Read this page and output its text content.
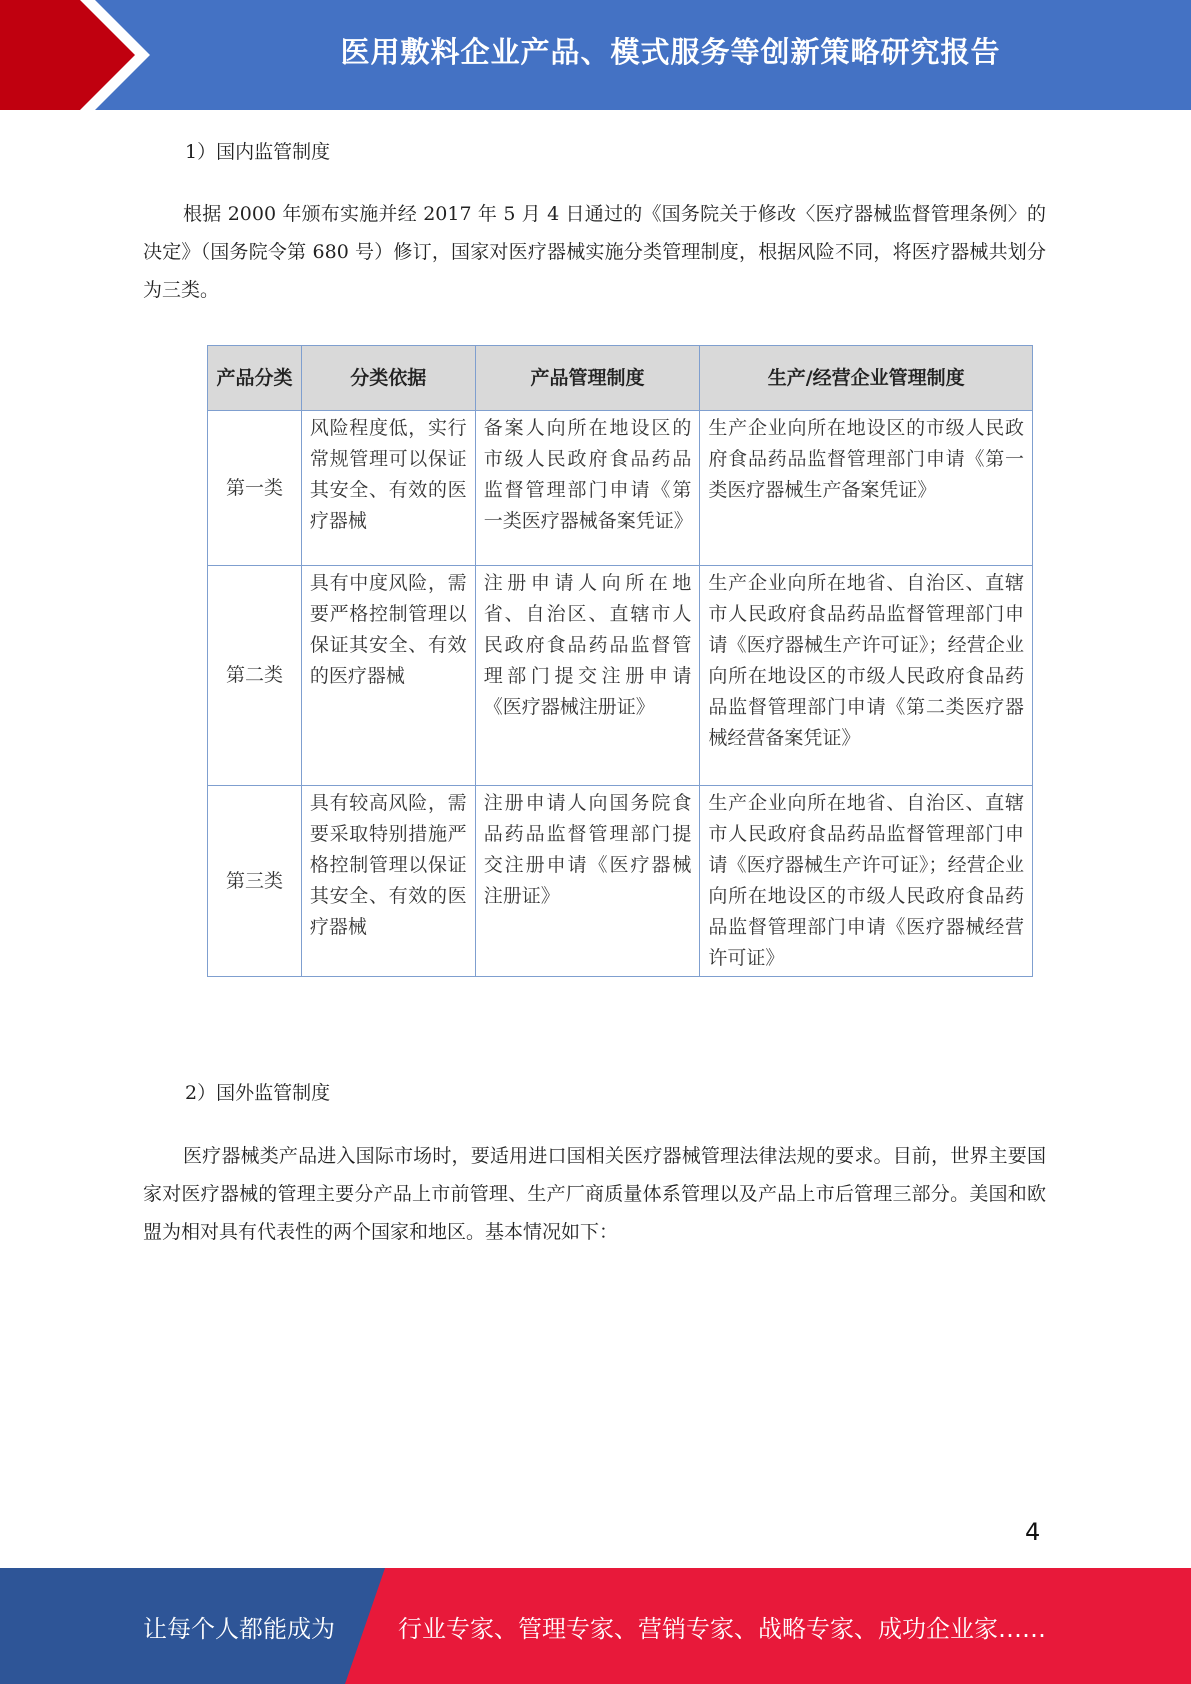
医用敷料企业产品、模式服务等创新策略研究报告
1）国内监管制度

根据 2000 年颁布实施并经 2017 年 5 月 4 日通过的《国务院关于修改〈医疗器械监督管理条例〉的决定》（国务院令第 680 号）修订，国家对医疗器械实施分类管理制度，根据风险不同，将医疗器械共划分为三类。

产品分类	分类依据	产品管理制度	生产/经营企业管理制度
第一类	风险程度低，实行常规管理可以保证其安全、有效的医疗器械	备案人向所在地设区的市级人民政府食品药品监督管理部门申请《第一类医疗器械备案凭证》	生产企业向所在地设区的市级人民政府食品药品监督管理部门申请《第一类医疗器械生产备案凭证》
第二类	具有中度风险，需要严格控制管理以保证其安全、有效的医疗器械	注册申请人向所在地省、自治区、直辖市人民政府食品药品监督管理部门提交注册申请《医疗器械注册证》	生产企业向所在地省、自治区、直辖市人民政府食品药品监督管理部门申请《医疗器械生产许可证》；经营企业向所在地设区的市级人民政府食品药品监督管理部门申请《第二类医疗器械经营备案凭证》
第三类	具有较高风险，需要采取特别措施严格控制管理以保证其安全、有效的医疗器械	注册申请人向国务院食品药品监督管理部门提交注册申请《医疗器械注册证》	生产企业向所在地省、自治区、直辖市人民政府食品药品监督管理部门申请《医疗器械生产许可证》；经营企业向所在地设区的市级人民政府食品药品监督管理部门申请《医疗器械经营许可证》
2）国外监管制度

医疗器械类产品进入国际市场时，要适用进口国相关医疗器械管理法律法规的要求。目前，世界主要国家对医疗器械的管理主要分产品上市前管理、生产厂商质量体系管理以及产品上市后管理三部分。美国和欧盟为相对具有代表性的两个国家和地区。基本情况如下：

4
让每个人都能成为	行业专家、管理专家、营销专家、战略专家、成功企业家……
